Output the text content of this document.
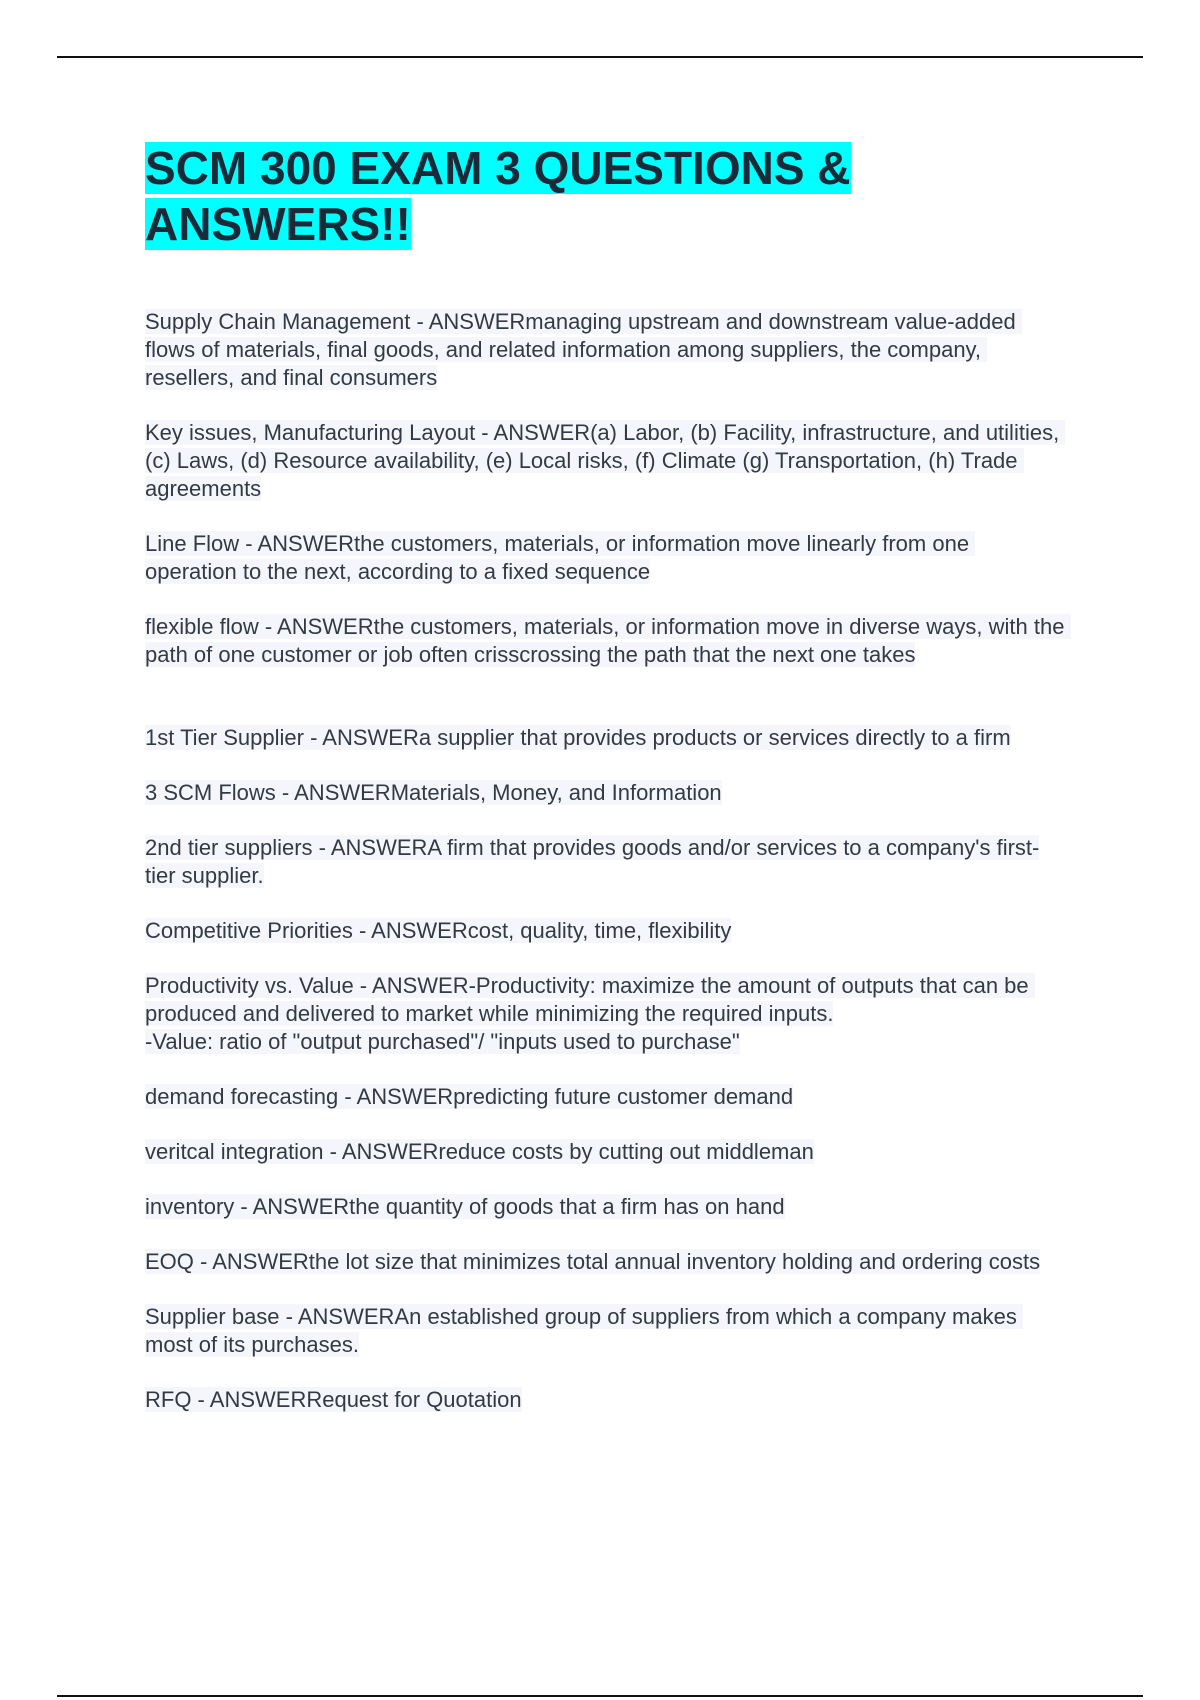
SCM 300 EXAM 3 QUESTIONS & ANSWERS!!

Supply Chain Management - ANSWERmanaging upstream and downstream value-added flows of materials, final goods, and related information among suppliers, the company, resellers, and final consumers

Key issues, Manufacturing Layout - ANSWER(a) Labor, (b) Facility, infrastructure, and utilities, (c) Laws, (d) Resource availability, (e) Local risks, (f) Climate (g) Transportation, (h) Trade agreements

Line Flow - ANSWERthe customers, materials, or information move linearly from one operation to the next, according to a fixed sequence

flexible flow - ANSWERthe customers, materials, or information move in diverse ways, with the path of one customer or job often crisscrossing the path that the next one takes

1st Tier Supplier - ANSWERa supplier that provides products or services directly to a firm

3 SCM Flows - ANSWERMaterials, Money, and Information

2nd tier suppliers - ANSWERA firm that provides goods and/or services to a company's first-tier supplier.

Competitive Priorities - ANSWERcost, quality, time, flexibility

Productivity vs. Value - ANSWER-Productivity: maximize the amount of outputs that can be produced and delivered to market while minimizing the required inputs.
-Value: ratio of "output purchased"/ "inputs used to purchase"

demand forecasting - ANSWERpredicting future customer demand

veritcal integration - ANSWERreduce costs by cutting out middleman

inventory - ANSWERthe quantity of goods that a firm has on hand

EOQ - ANSWERthe lot size that minimizes total annual inventory holding and ordering costs

Supplier base - ANSWERAn established group of suppliers from which a company makes most of its purchases.

RFQ - ANSWERRequest for Quotation
